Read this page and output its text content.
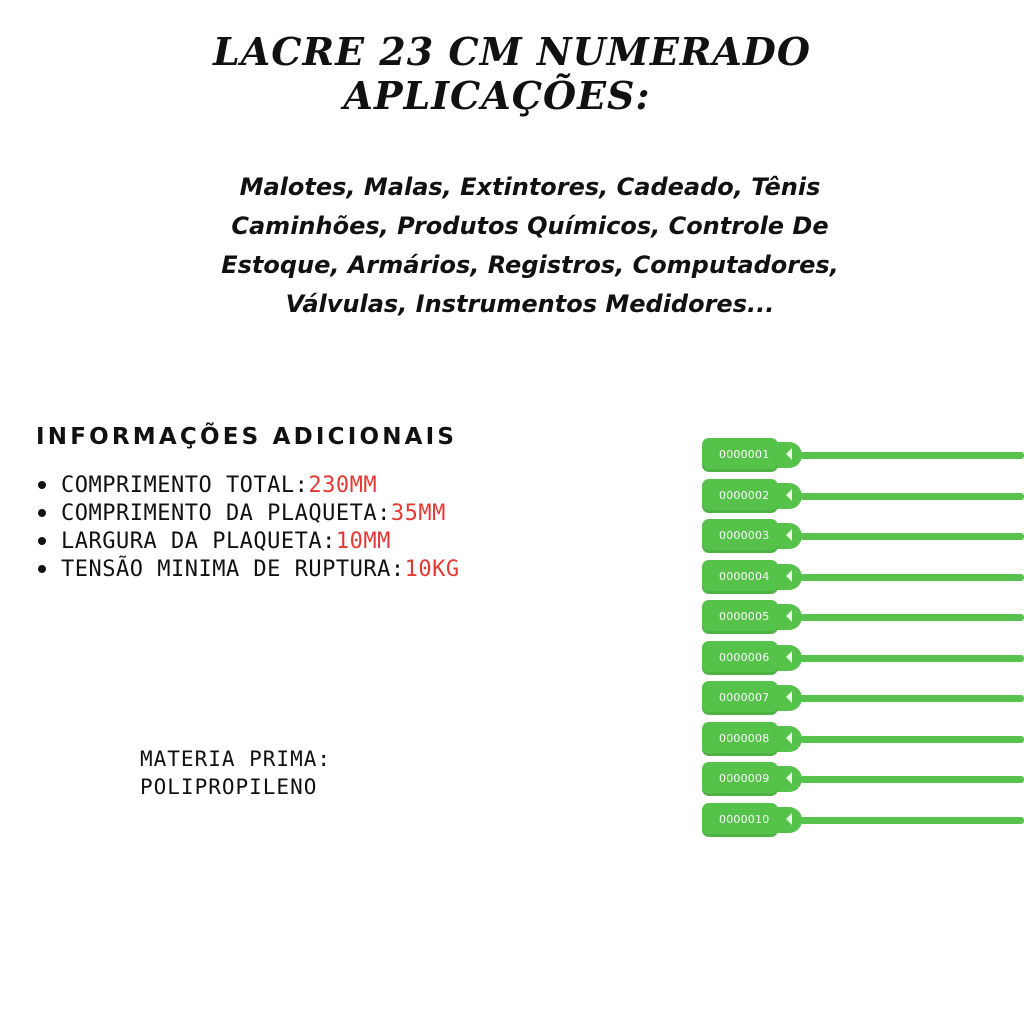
LACRE 23 CM NUMERADO
APLICAÇÕES:
Malotes, Malas, Extintores, Cadeado, Tênis
Caminhões, Produtos Químicos, Controle De
Estoque, Armários, Registros, Computadores,
Válvulas, Instrumentos Medidores...
INFORMAÇÕES ADICIONAIS
COMPRIMENTO TOTAL: 230MM
COMPRIMENTO DA PLAQUETA: 35MM
LARGURA DA PLAQUETA: 10MM
TENSÃO MINIMA DE RUPTURA: 10KG
MATERIA PRIMA:
POLIPROPILENO
0000001
0000002
0000003
0000004
0000005
0000006
0000007
0000008
0000009
0000010
